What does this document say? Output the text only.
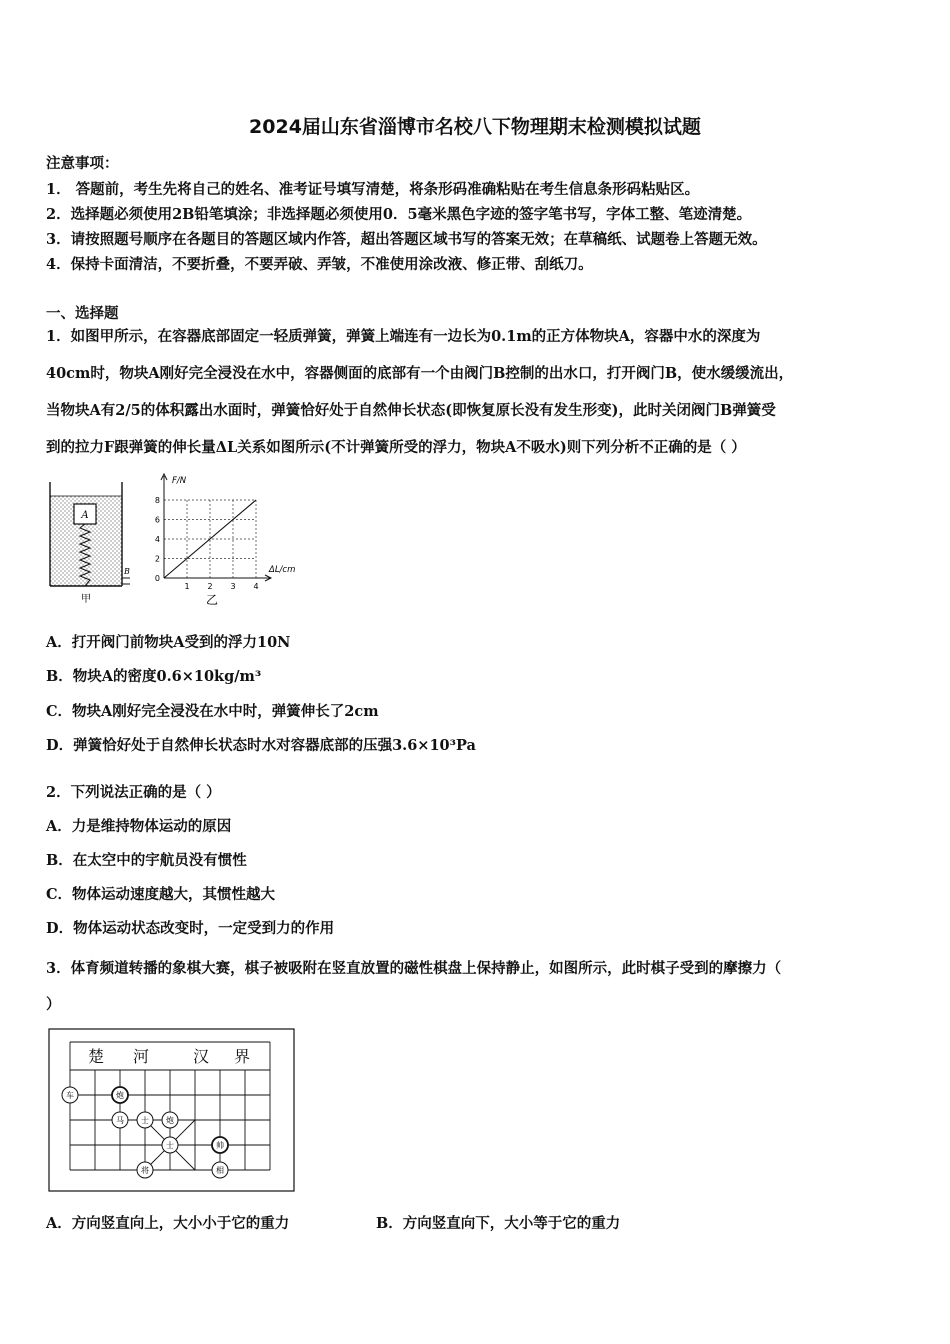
2024届山东省淄博市名校八下物理期末检测模拟试题
注意事项：
1． 答题前，考生先将自己的姓名、准考证号填写清楚，将条形码准确粘贴在考生信息条形码粘贴区。
2．选择题必须使用2B铅笔填涂；非选择题必须使用0．5毫米黑色字迹的签字笔书写，字体工整、笔迹清楚。
3．请按照题号顺序在各题目的答题区域内作答，超出答题区域书写的答案无效；在草稿纸、试题卷上答题无效。
4．保持卡面清洁，不要折叠，不要弄破、弄皱，不准使用涂改液、修正带、刮纸刀。
一、选择题

1．如图甲所示，在容器底部固定一轻质弹簧，弹簧上端连有一边长为0.1m的正方体物块A，容器中水的深度为

40cm时，物块A刚好完全浸没在水中，容器侧面的底部有一个由阀门B控制的出水口，打开阀门B，使水缓缓流出，

当物块A有2/5的体积露出水面时，弹簧恰好处于自然伸长状态(即恢复原长没有发生形变)，此时关闭阀门B弹簧受

到的拉力F跟弹簧的伸长量ΔL关系如图所示(不计弹簧所受的浮力，物块A不吸水)则下列分析不正确的是（ ）

A
B
甲
0
2
4
6
8
1 2 3 4
F/N
ΔL/cm
乙
A．打开阀门前物块A受到的浮力10N
B．物块A的密度0.6×10kg/m³
C．物块A刚好完全浸没在水中时，弹簧伸长了2cm
D．弹簧恰好处于自然伸长状态时水对容器底部的压强3.6×10³Pa
2．下列说法正确的是（ ）
A．力是维持物体运动的原因
B．在太空中的宇航员没有惯性
C．物体运动速度越大，其惯性越大
D．物体运动状态改变时，一定受到力的作用
3．体育频道转播的象棋大赛，棋子被吸附在竖直放置的磁性棋盘上保持静止，如图所示，此时棋子受到的摩擦力（
）
楚 河	汉 界
车	炮
马 士 炮
士	帅
将	相
A．方向竖直向上，大小小于它的重力	B．方向竖直向下，大小等于它的重力
